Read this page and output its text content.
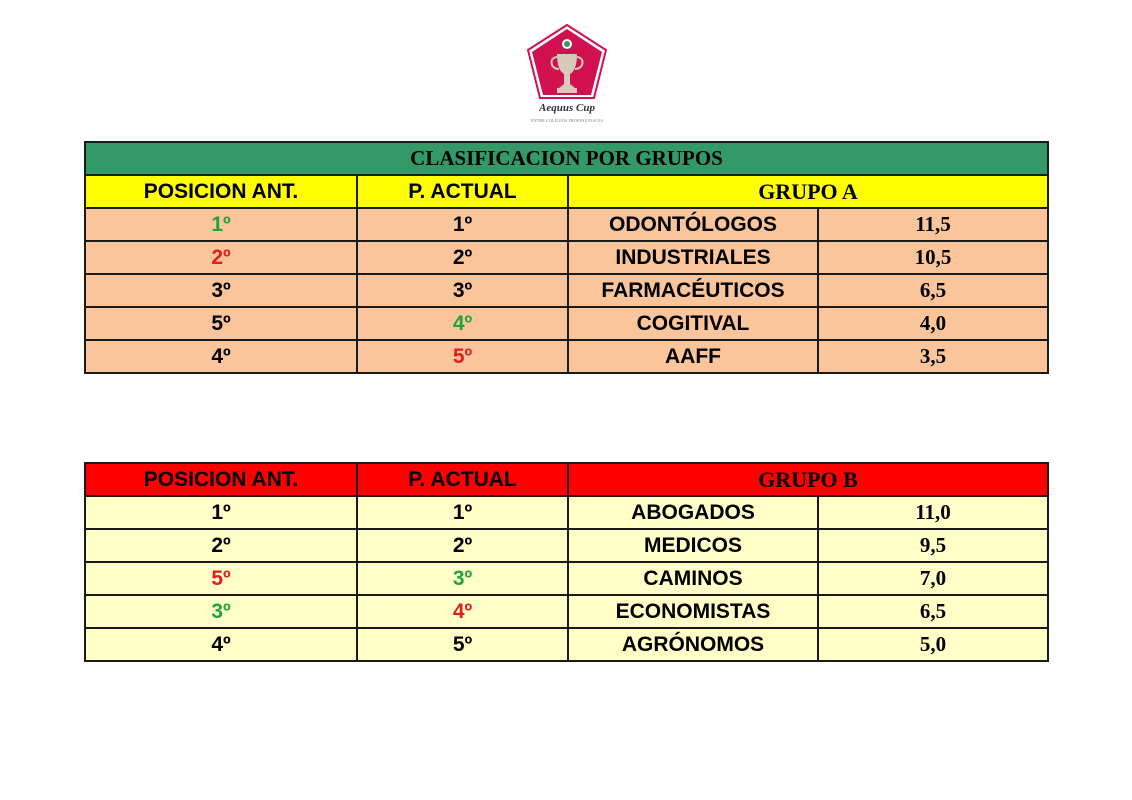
Aequus Cup
ENTRE COLEGIOS PROFESIONALES
CLASIFICACION POR GRUPOS			
POSICION ANT.	P. ACTUAL	GRUPO A	
1º	1º	ODONTÓLOGOS	11,5
2º	2º	INDUSTRIALES	10,5
3º	3º	FARMACÉUTICOS	6,5
5º	4º	COGITIVAL	4,0
4º	5º	AAFF	3,5
POSICION ANT.	P. ACTUAL	GRUPO B	
1º	1º	ABOGADOS	11,0
2º	2º	MEDICOS	9,5
5º	3º	CAMINOS	7,0
3º	4º	ECONOMISTAS	6,5
4º	5º	AGRÓNOMOS	5,0
